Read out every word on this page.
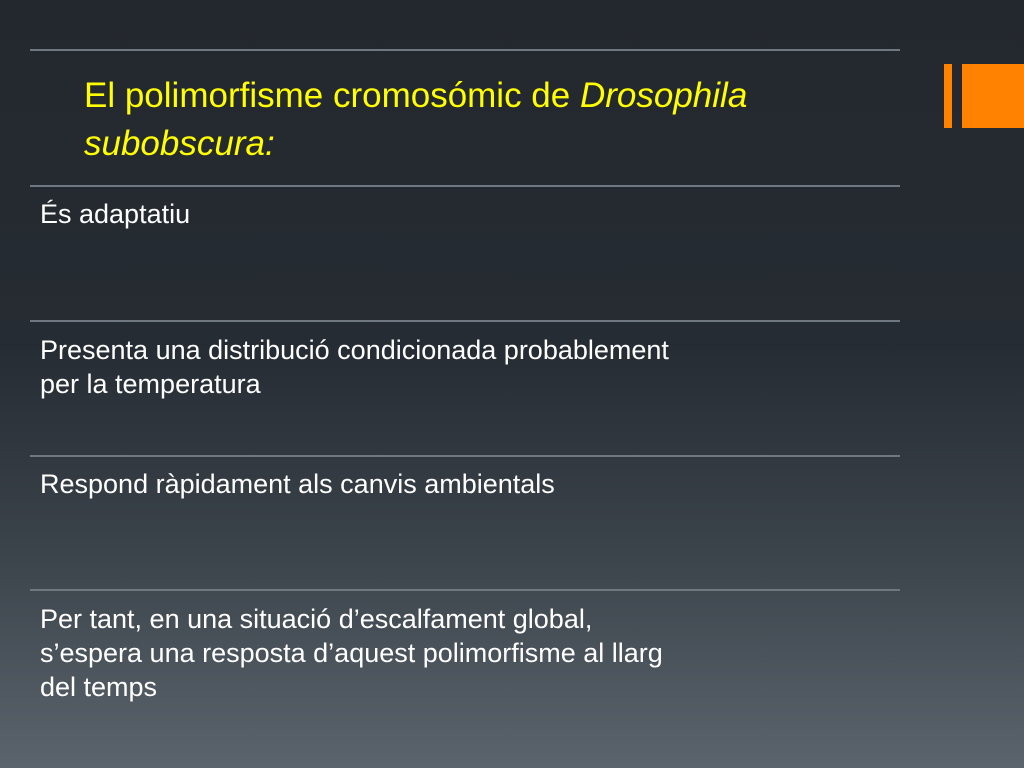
El polimorfisme cromosómic de Drosophila
subobscura:

És adaptatiu

Presenta una distribució condicionada probablement
per la temperatura

Respond ràpidament als canvis ambientals

Per tant, en una situació d’escalfament global,
s’espera una resposta d’aquest polimorfisme al llarg
del temps
